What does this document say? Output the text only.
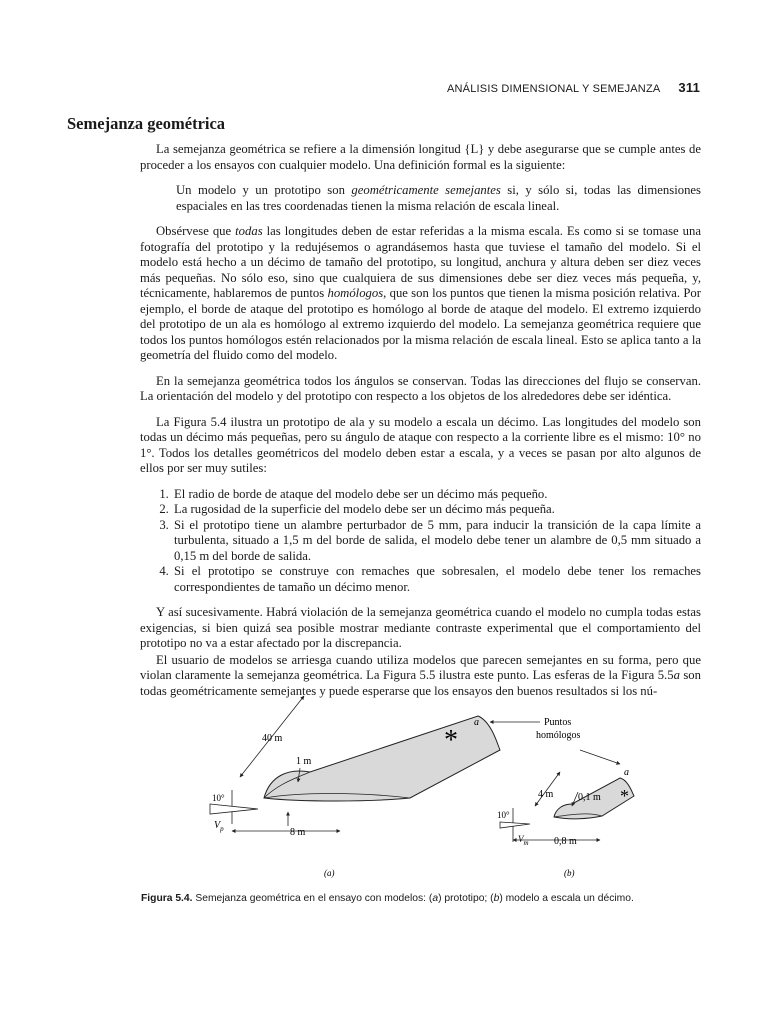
ANÁLISIS DIMENSIONAL Y SEMEJANZA 311
Semejanza geométrica

La semejanza geométrica se refiere a la dimensión longitud {L} y debe asegurarse que se cumple antes de proceder a los ensayos con cualquier modelo. Una definición formal es la siguiente:

Un modelo y un prototipo son geométricamente semejantes si, y sólo si, todas las dimensiones espaciales en las tres coordenadas tienen la misma relación de escala lineal.

Obsérvese que todas las longitudes deben de estar referidas a la misma escala. Es como si se tomase una fotografía del prototipo y la redujésemos o agrandásemos hasta que tuviese el tamaño del modelo. Si el modelo está hecho a un décimo de tamaño del prototipo, su longitud, anchura y altura deben ser diez veces más pequeñas. No sólo eso, sino que cualquiera de sus dimensiones debe ser diez veces más pequeña, y, técnicamente, hablaremos de puntos homólogos, que son los puntos que tienen la misma posición relativa. Por ejemplo, el borde de ataque del prototipo es homólogo al borde de ataque del modelo. El extremo izquierdo del prototipo de un ala es homólogo al extremo izquierdo del modelo. La semejanza geométrica requiere que todos los puntos homólogos estén relacionados por la misma relación de escala lineal. Esto se aplica tanto a la geometría del fluido como del modelo.

En la semejanza geométrica todos los ángulos se conservan. Todas las direcciones del flujo se conservan. La orientación del modelo y del prototipo con respecto a los objetos de los alrededores debe ser idéntica.

La Figura 5.4 ilustra un prototipo de ala y su modelo a escala un décimo. Las longitudes del modelo son todas un décimo más pequeñas, pero su ángulo de ataque con respecto a la corriente libre es el mismo: 10° no 1°. Todos los detalles geométricos del modelo deben estar a escala, y a veces se pasan por alto algunos de ellos por ser muy sutiles:

1. El radio de borde de ataque del modelo debe ser un décimo más pequeño.
2. La rugosidad de la superficie del modelo debe ser un décimo más pequeña.
3. Si el prototipo tiene un alambre perturbador de 5 mm, para inducir la transición de la capa límite a turbulenta, situado a 1,5 m del borde de salida, el modelo debe tener un alambre de 0,5 mm situado a 0,15 m del borde de salida.
4. Si el prototipo se construye con remaches que sobresalen, el modelo debe tener los remaches correspondientes de tamaño un décimo menor.

Y así sucesivamente. Habrá violación de la semejanza geométrica cuando el modelo no cumpla todas estas exigencias, si bien quizá sea posible mostrar mediante contraste experimental que el comportamiento del prototipo no va a estar afectado por la discrepancia.

El usuario de modelos se arriesga cuando utiliza modelos que parecen semejantes en su forma, pero que violan claramente la semejanza geométrica. La Figura 5.5 ilustra este punto. Las esferas de la Figura 5.5a son todas geométricamente semejantes y puede esperarse que los ensayos den buenos resultados si los nú-

40 m
1 m
*
10°
$V_p$	8 m
(a)
a	Puntos
homólogos
a
4 m 0,1 m *
10°
$V_m$	0,8 m
(b)
Figura 5.4. Semejanza geométrica en el ensayo con modelos: (a) prototipo; (b) modelo a escala un décimo.
